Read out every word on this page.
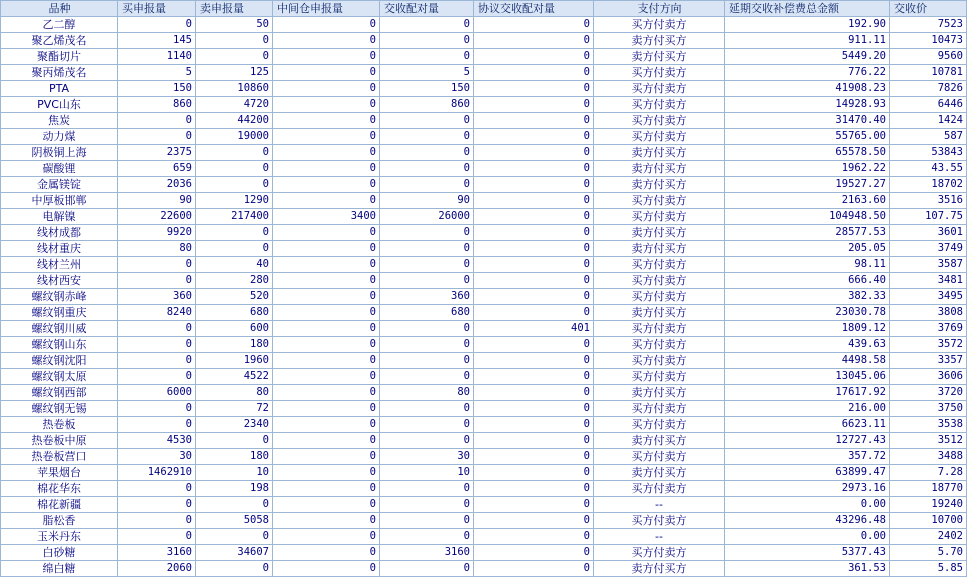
品种	买申报量	卖申报量	中间仓申报量	交收配对量	协议交收配对量	支付方向	延期交收补偿费总金额	交收价
乙二醇	0	50	0	0	0	买方付卖方	192.90	7523
聚乙烯茂名	145	0	0	0	0	卖方付买方	911.11	10473
聚酯切片	1140	0	0	0	0	卖方付买方	5449.20	9560
聚丙烯茂名	5	125	0	5	0	买方付卖方	776.22	10781
PTA	150	10860	0	150	0	买方付卖方	41908.23	7826
PVC山东	860	4720	0	860	0	买方付卖方	14928.93	6446
焦炭	0	44200	0	0	0	买方付卖方	31470.40	1424
动力煤	0	19000	0	0	0	买方付卖方	55765.00	587
阴极铜上海	2375	0	0	0	0	卖方付买方	65578.50	53843
碳酸锂	659	0	0	0	0	卖方付买方	1962.22	43.55
金属镁锭	2036	0	0	0	0	卖方付买方	19527.27	18702
中厚板邯郸	90	1290	0	90	0	买方付卖方	2163.60	3516
电解镍	22600	217400	3400	26000	0	买方付卖方	104948.50	107.75
线材成都	9920	0	0	0	0	卖方付买方	28577.53	3601
线材重庆	80	0	0	0	0	卖方付买方	205.05	3749
线材兰州	0	40	0	0	0	买方付卖方	98.11	3587
线材西安	0	280	0	0	0	买方付卖方	666.40	3481
螺纹钢赤峰	360	520	0	360	0	买方付卖方	382.33	3495
螺纹钢重庆	8240	680	0	680	0	卖方付买方	23030.78	3808
螺纹钢川威	0	600	0	0	401	买方付卖方	1809.12	3769
螺纹钢山东	0	180	0	0	0	买方付卖方	439.63	3572
螺纹钢沈阳	0	1960	0	0	0	买方付卖方	4498.58	3357
螺纹钢太原	0	4522	0	0	0	买方付卖方	13045.06	3606
螺纹钢西部	6000	80	0	80	0	卖方付买方	17617.92	3720
螺纹钢无锡	0	72	0	0	0	买方付卖方	216.00	3750
热卷板	0	2340	0	0	0	买方付卖方	6623.11	3538
热卷板中原	4530	0	0	0	0	卖方付买方	12727.43	3512
热卷板营口	30	180	0	30	0	买方付卖方	357.72	3488
苹果烟台	1462910	10	0	10	0	卖方付买方	63899.47	7.28
棉花华东	0	198	0	0	0	买方付卖方	2973.16	18770
棉花新疆	0	0	0	0	0	--	0.00	19240
脂松香	0	5058	0	0	0	买方付卖方	43296.48	10700
玉米丹东	0	0	0	0	0	--	0.00	2402
白砂糖	3160	34607	0	3160	0	买方付卖方	5377.43	5.70
绵白糖	2060	0	0	0	0	卖方付买方	361.53	5.85
